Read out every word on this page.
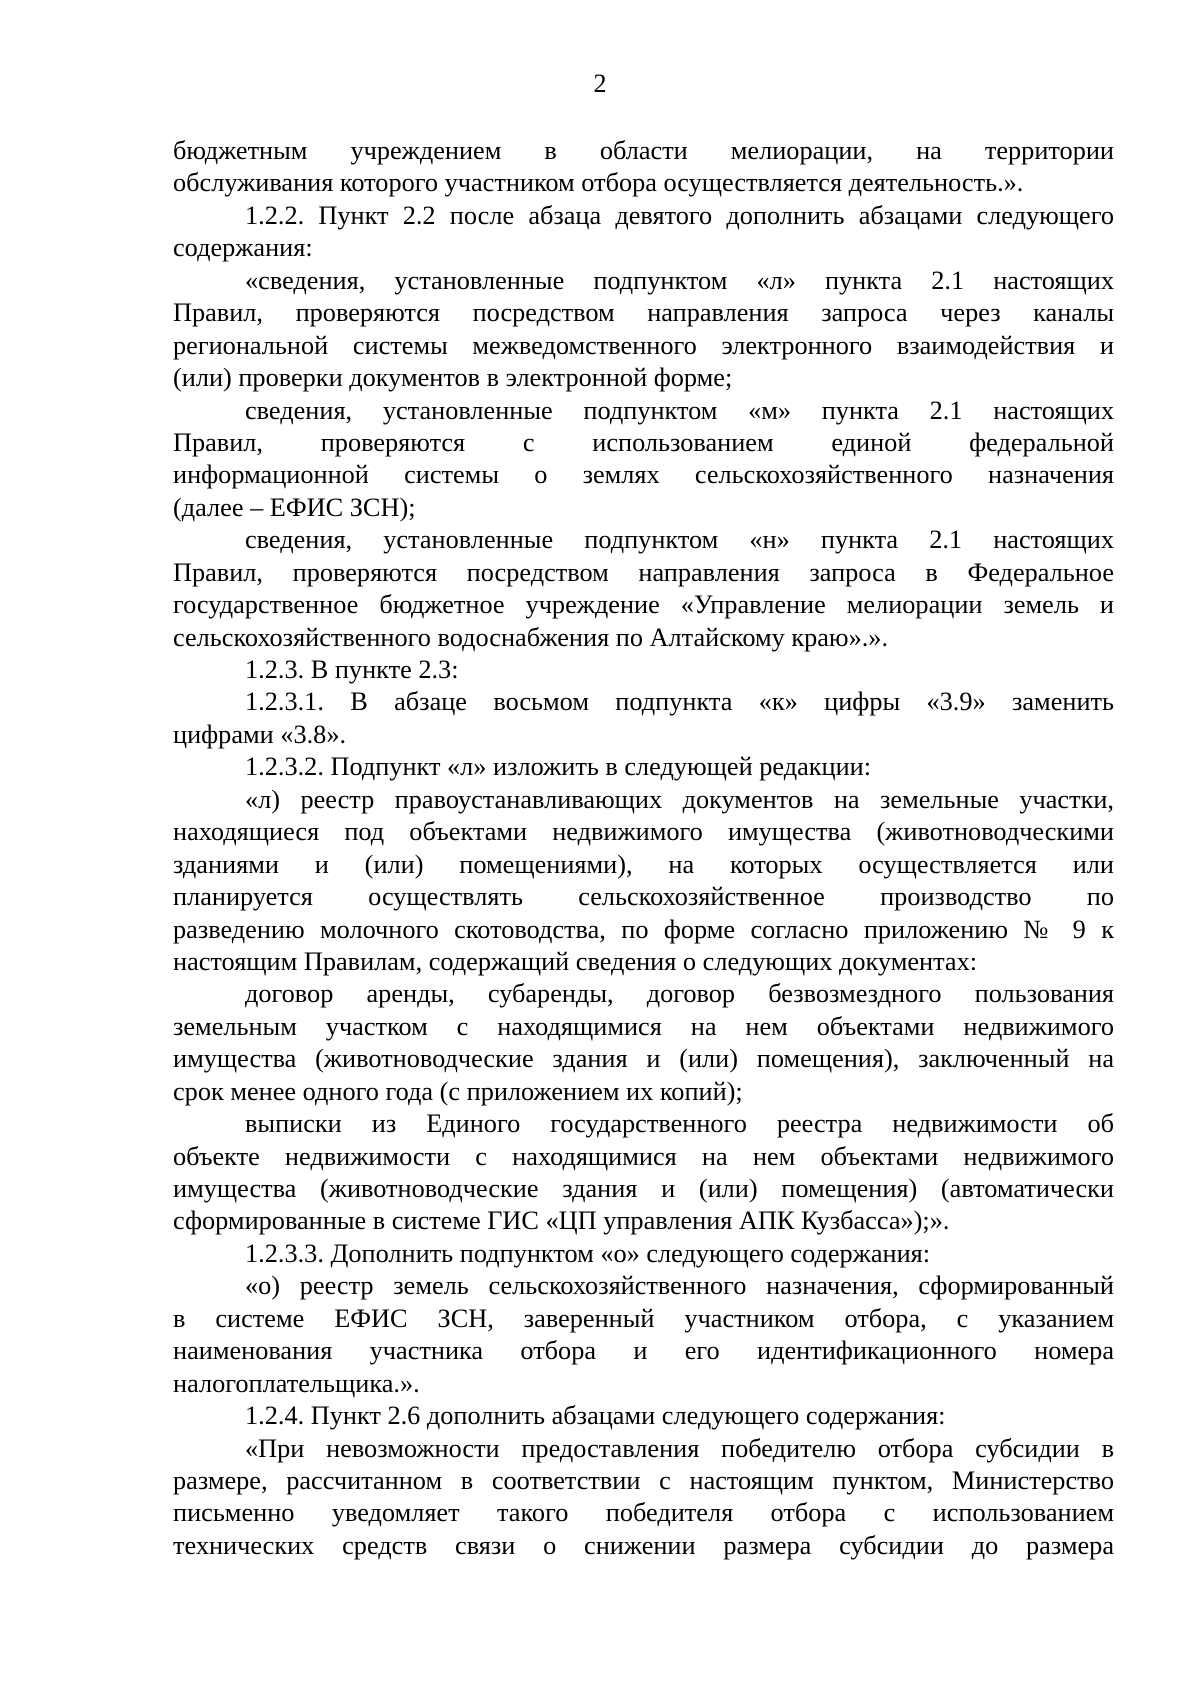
2
бюджетным учреждением в области мелиорации, на территории
обслуживания которого участником отбора осуществляется деятельность.».
1.2.2. Пункт 2.2 после абзаца девятого дополнить абзацами следующего
содержания:
«сведения, установленные подпунктом «л» пункта 2.1 настоящих
Правил, проверяются посредством направления запроса через каналы
региональной системы межведомственного электронного взаимодействия и
(или) проверки документов в электронной форме;
сведения, установленные подпунктом «м» пункта 2.1 настоящих
Правил, проверяются с использованием единой федеральной
информационной системы о землях сельскохозяйственного назначения
(далее – ЕФИС ЗСН);
сведения, установленные подпунктом «н» пункта 2.1 настоящих
Правил, проверяются посредством направления запроса в Федеральное
государственное бюджетное учреждение «Управление мелиорации земель и
сельскохозяйственного водоснабжения по Алтайскому краю».».
1.2.3. В пункте 2.3:
1.2.3.1. В абзаце восьмом подпункта «к» цифры «3.9» заменить
цифрами «3.8».
1.2.3.2. Подпункт «л» изложить в следующей редакции:
«л) реестр правоустанавливающих документов на земельные участки,
находящиеся под объектами недвижимого имущества (животноводческими
зданиями и (или) помещениями), на которых осуществляется или
планируется осуществлять сельскохозяйственное производство по
разведению молочного скотоводства, по форме согласно приложению № 9 к
настоящим Правилам, содержащий сведения о следующих документах:
договор аренды, субаренды, договор безвозмездного пользования
земельным участком с находящимися на нем объектами недвижимого
имущества (животноводческие здания и (или) помещения), заключенный на
срок менее одного года (с приложением их копий);
выписки из Единого государственного реестра недвижимости об
объекте недвижимости с находящимися на нем объектами недвижимого
имущества (животноводческие здания и (или) помещения) (автоматически
сформированные в системе ГИС «ЦП управления АПК Кузбасса»);».
1.2.3.3. Дополнить подпунктом «о» следующего содержания:
«о) реестр земель сельскохозяйственного назначения, сформированный
в системе ЕФИС ЗСН, заверенный участником отбора, с указанием
наименования участника отбора и его идентификационного номера
налогоплательщика.».
1.2.4. Пункт 2.6 дополнить абзацами следующего содержания:
«При невозможности предоставления победителю отбора субсидии в
размере, рассчитанном в соответствии с настоящим пунктом, Министерство
письменно уведомляет такого победителя отбора с использованием
технических средств связи о снижении размера субсидии до размера
